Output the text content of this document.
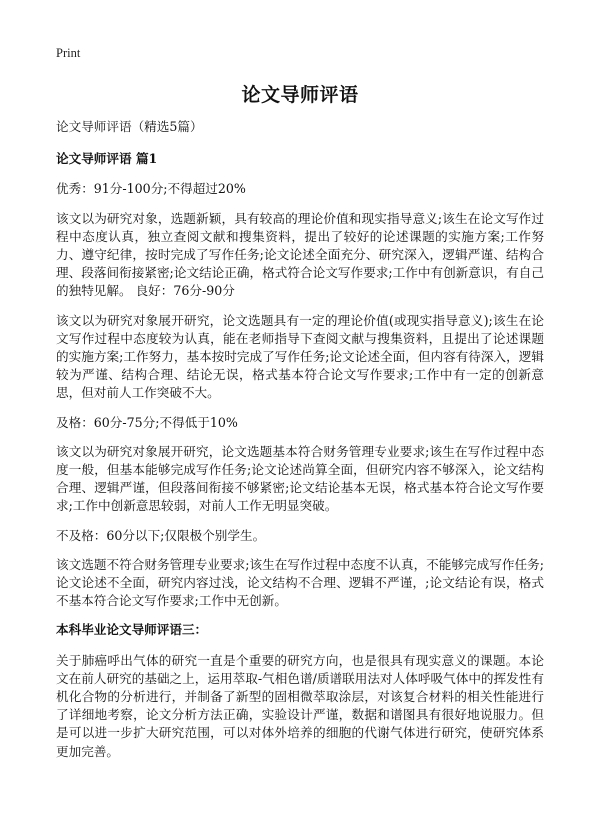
Print
论文导师评语

论文导师评语（精选5篇）

论文导师评语 篇1

优秀：91分-100分;不得超过20%

该文以为研究对象，选题新颖，具有较高的理论价值和现实指导意义;该生在论文写作过程中态度认真，独立查阅文献和搜集资料，提出了较好的论述课题的实施方案;工作努力、遵守纪律，按时完成了写作任务;论文论述全面充分、研究深入，逻辑严谨、结构合理、段落间衔接紧密;论文结论正确，格式符合论文写作要求;工作中有创新意识，有自己的独特见解。 良好：76分-90分

该文以为研究对象展开研究，论文选题具有一定的理论价值(或现实指导意义);该生在论文写作过程中态度较为认真，能在老师指导下查阅文献与搜集资料，且提出了论述课题的实施方案;工作努力，基本按时完成了写作任务;论文论述全面，但内容有待深入，逻辑较为严谨、结构合理、结论无误，格式基本符合论文写作要求;工作中有一定的创新意思，但对前人工作突破不大。

及格：60分-75分;不得低于10%

该文以为研究对象展开研究，论文选题基本符合财务管理专业要求;该生在写作过程中态度一般，但基本能够完成写作任务;论文论述尚算全面，但研究内容不够深入，论文结构合理、逻辑严谨，但段落间衔接不够紧密;论文结论基本无误，格式基本符合论文写作要求;工作中创新意思较弱，对前人工作无明显突破。

不及格：60分以下;仅限极个别学生。

该文选题不符合财务管理专业要求;该生在写作过程中态度不认真，不能够完成写作任务;论文论述不全面，研究内容过浅，论文结构不合理、逻辑不严谨，;论文结论有误，格式不基本符合论文写作要求;工作中无创新。

本科毕业论文导师评语三：

关于肺癌呼出气体的研究一直是个重要的研究方向，也是很具有现实意义的课题。本论文在前人研究的基础之上，运用萃取-气相色谱/质谱联用法对人体呼吸气体中的挥发性有机化合物的分析进行，并制备了新型的固相微萃取涂层，对该复合材料的相关性能进行了详细地考察，论文分析方法正确，实验设计严谨，数据和谱图具有很好地说服力。但是可以进一步扩大研究范围，可以对体外培养的细胞的代谢气体进行研究，使研究体系更加完善。
